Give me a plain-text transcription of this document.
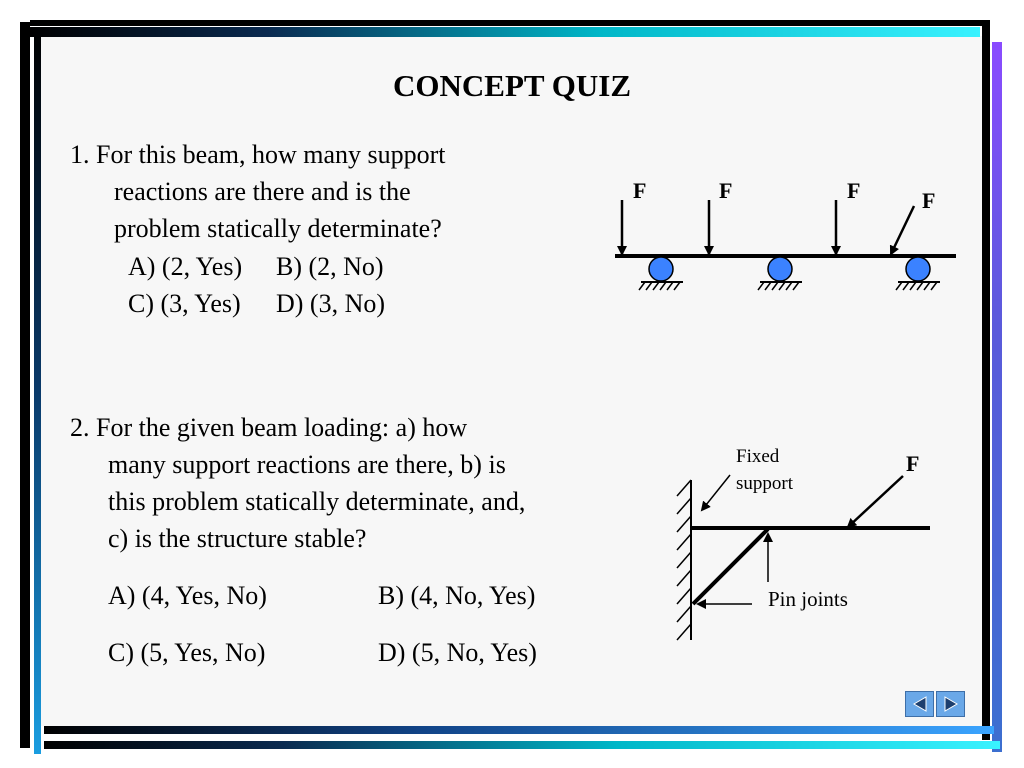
CONCEPT QUIZ
1. For this beam, how many support
reactions are there and is the
problem statically determinate?
A) (2, Yes) B) (2, No)
C) (3, Yes) D) (3, No)
F	F	F	F
2. For the given beam loading: a) how
many support reactions are there, b) is
this problem statically determinate, and,
c) is the structure stable?
A) (4, Yes, No)	B) (4, No, Yes)
C) (5, Yes, No)	D) (5, No, Yes)
Fixed
support
F
Pin joints
